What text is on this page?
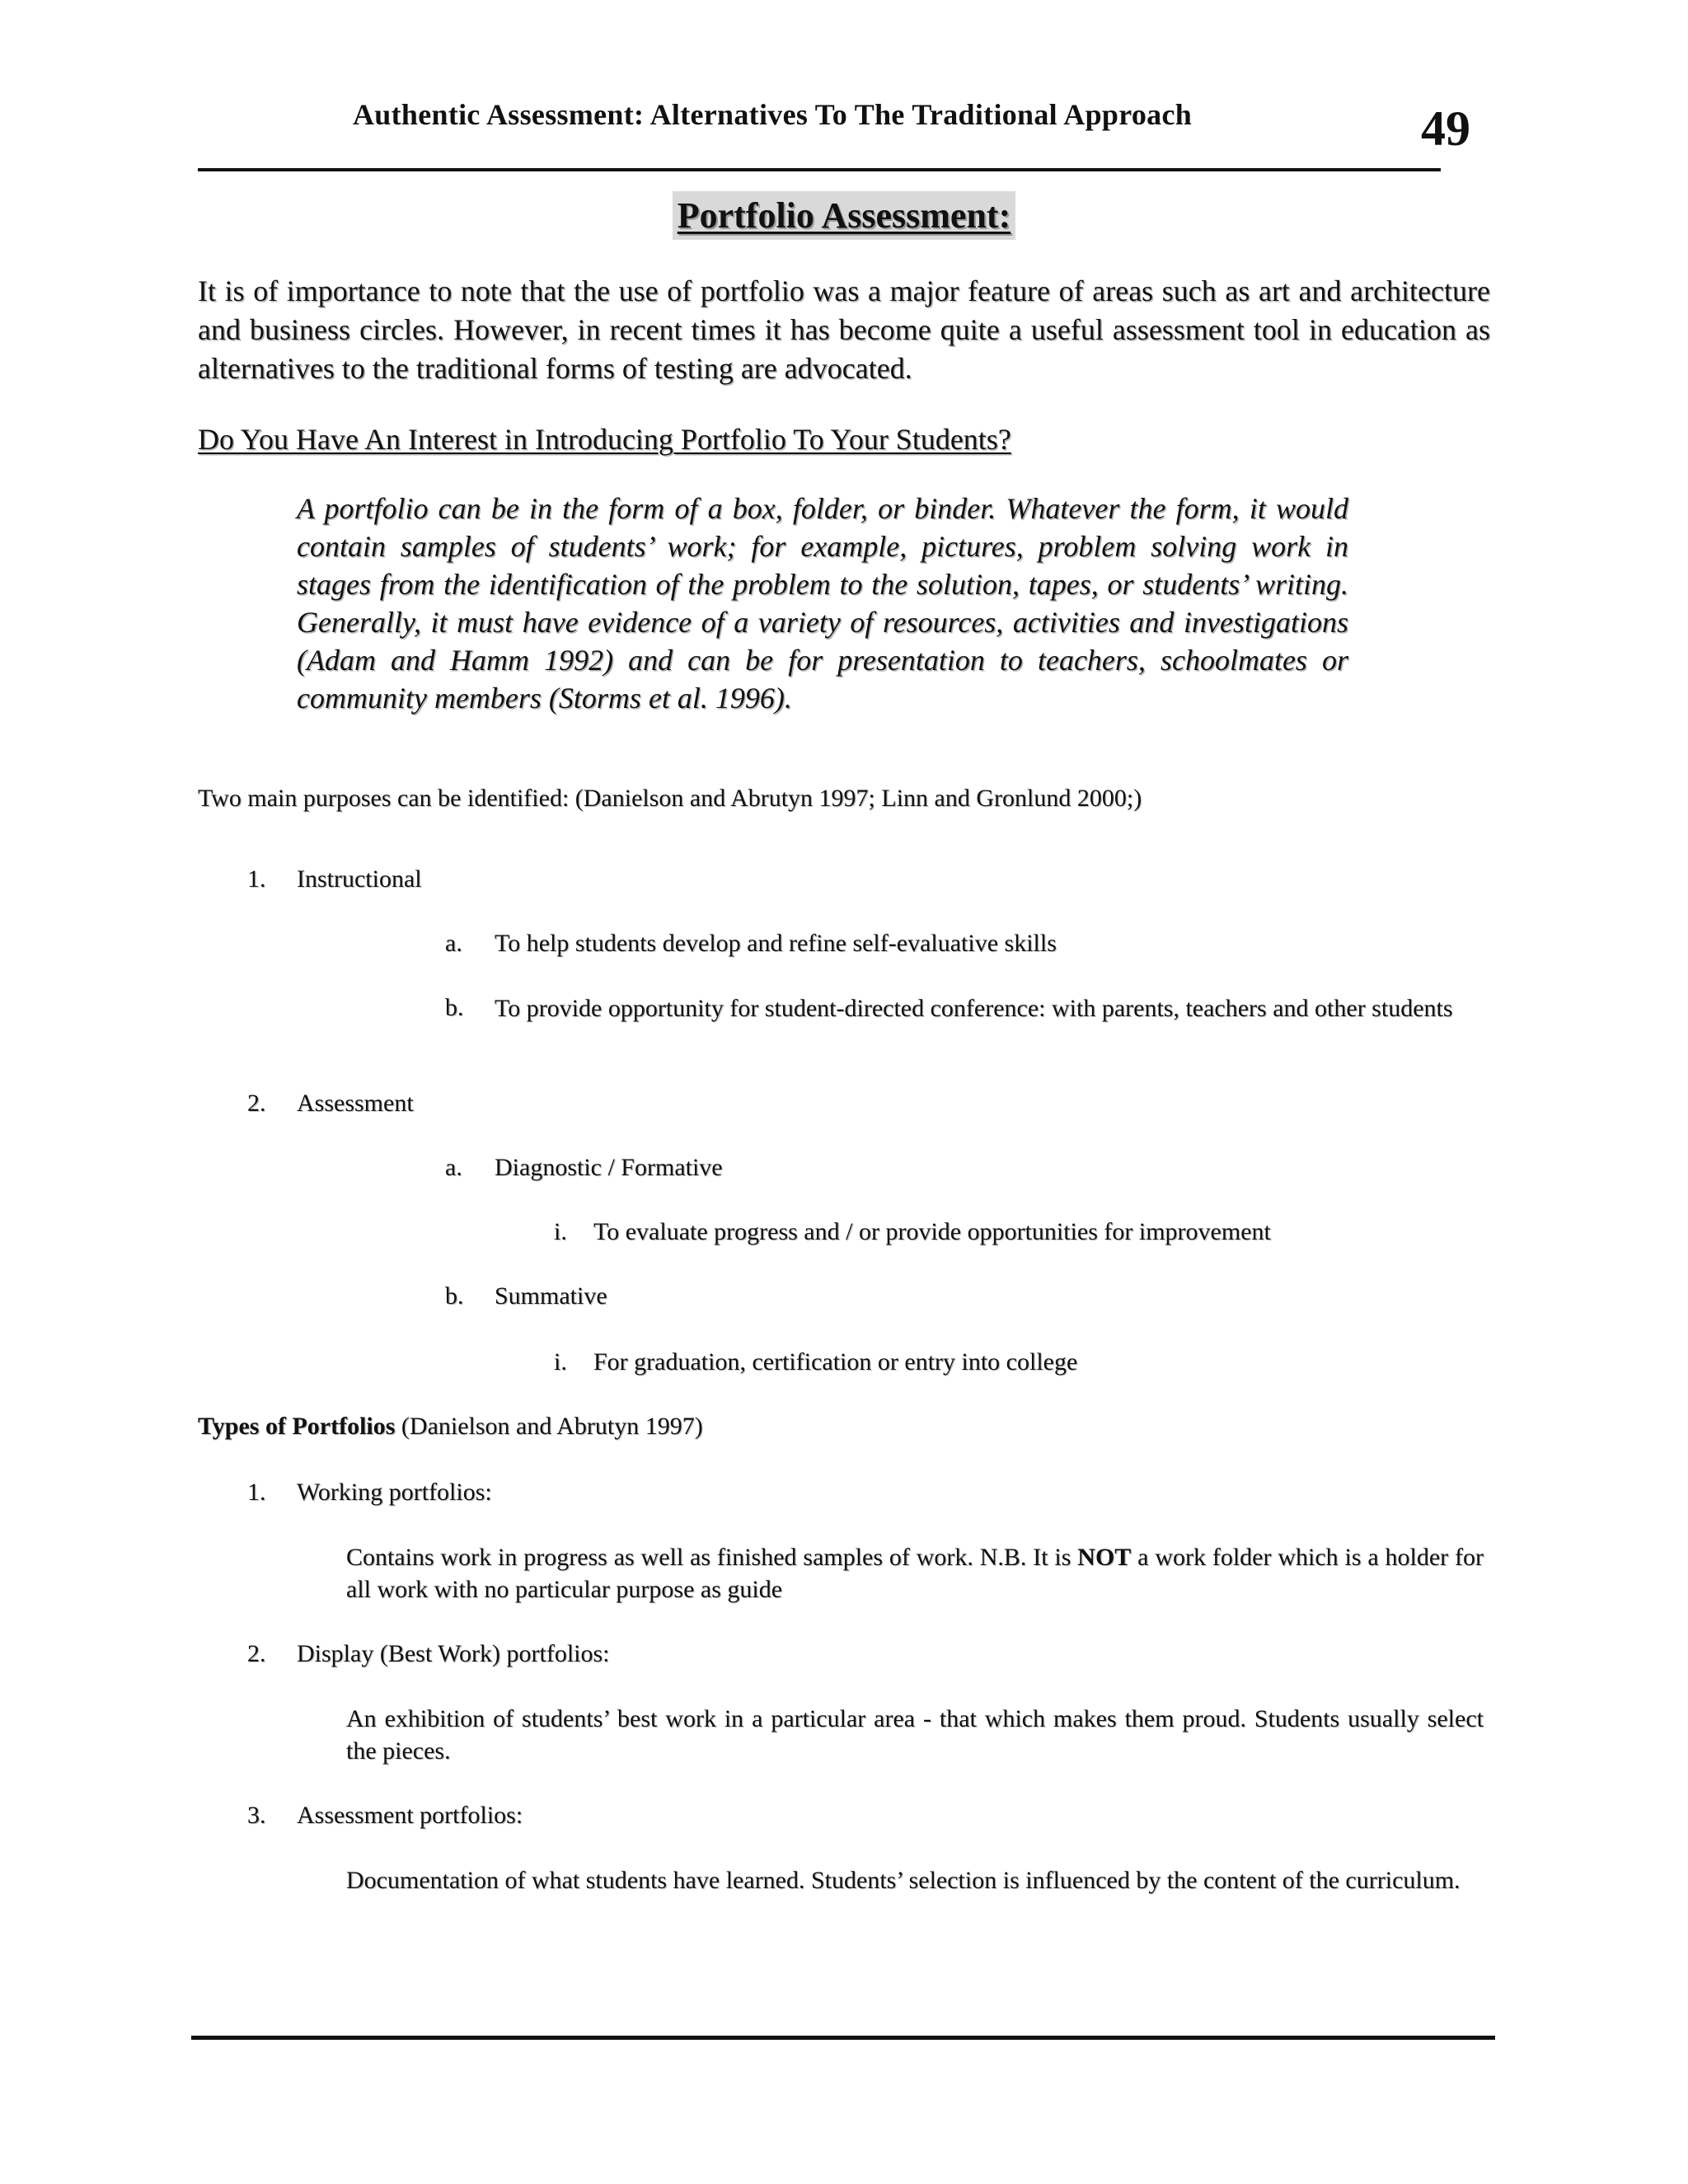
Authentic Assessment: Alternatives To The Traditional Approach	49
Portfolio Assessment:
It is of importance to note that the use of portfolio was a major feature of areas such as art and architecture and business circles. However, in recent times it has become quite a useful assessment tool in education as alternatives to the traditional forms of testing are advocated.
Do You Have An Interest in Introducing Portfolio To Your Students?
A portfolio can be in the form of a box, folder, or binder. Whatever the form, it would contain samples of students’ work; for example, pictures, problem solving work in stages from the identification of the problem to the solution, tapes, or students’ writing. Generally, it must have evidence of a variety of resources, activities and investigations (Adam and Hamm 1992) and can be for presentation to teachers, schoolmates or community members (Storms et al. 1996).
Two main purposes can be identified: (Danielson and Abrutyn 1997; Linn and Gronlund 2000;)
1. Instructional
a. To help students develop and refine self-evaluative skills
b. To provide opportunity for student-directed conference: with parents, teachers and other students
2. Assessment
a. Diagnostic / Formative
i. To evaluate progress and / or provide opportunities for improvement
b. Summative
i. For graduation, certification or entry into college
Types of Portfolios (Danielson and Abrutyn 1997)
1. Working portfolios:
Contains work in progress as well as finished samples of work. N.B. It is NOT a work folder which is a holder for all work with no particular purpose as guide
2. Display (Best Work) portfolios:
An exhibition of students’ best work in a particular area - that which makes them proud. Students usually select the pieces.
3. Assessment portfolios:
Documentation of what students have learned. Students’ selection is influenced by the content of the curriculum.
